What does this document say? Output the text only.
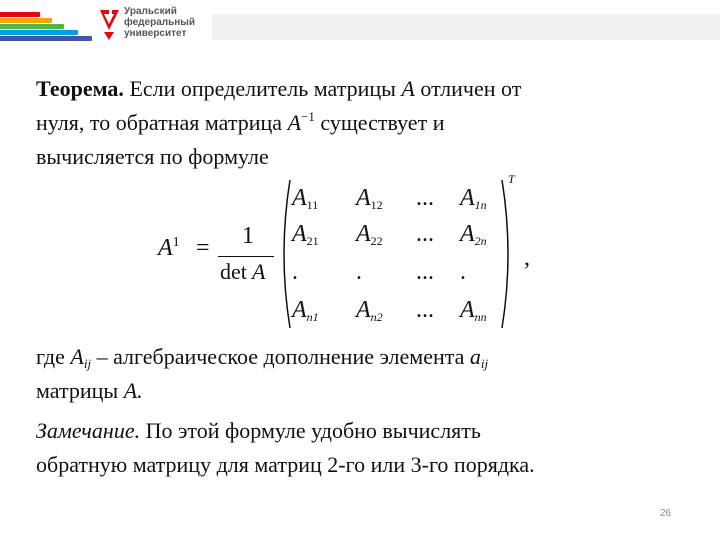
Уральский
федеральный
университет
Теорема. Если определитель матрицы A отличен от
нуля, то обратная матрица $A^{-1}$ существует и
вычисляется по формуле
$A^1 = 1$
det A
T
,
$A_{11}$ $A_{12}$ ... $A_{1n}$
$A_{21}$ $A_{22}$ ... $A_{2n}$
. . ... .
$A_{n1}$ $A_{n2}$ ... $A_{nn}$
где $A_{ij}$ – алгебраическое дополнение элемента $a_{ij}$
матрицы A.
Замечание. По этой формуле удобно вычислять
обратную матрицу для матриц 2-го или 3-го порядка.
26
